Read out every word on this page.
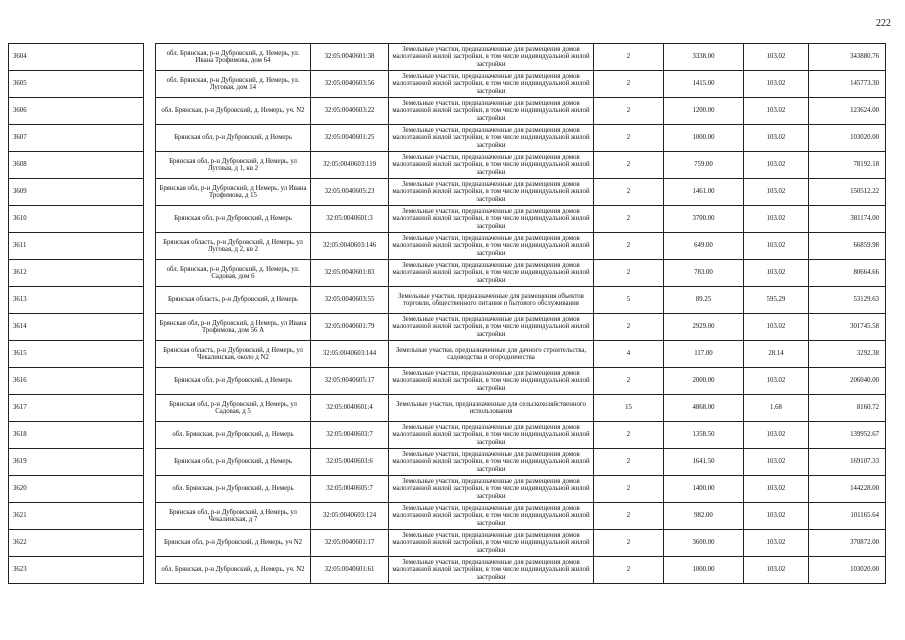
222
3604		обл. Брянская, р-н Дубровский, д. Немерь, ул. Ивана Трофимова, дом 64	32:05:0040601:38	Земельные участки, предназначенные для размещения домов малоэтажной жилой застройки, в том числе индивидуальной жилой застройки	2	3338.00	103.02	343880.76
3605		обл. Брянская, р-н Дубровский, д. Немерь, ул. Луговая, дом 14	32:05:0040603:56	Земельные участки, предназначенные для размещения домов малоэтажной жилой застройки, в том числе индивидуальной жилой застройки	2	1415.00	103.02	145773.30
3606		обл. Брянская, р-н Дубровский, д. Немерь, уч. N2	32:05:0040603:22	Земельные участки, предназначенные для размещения домов малоэтажной жилой застройки, в том числе индивидуальной жилой застройки	2	1200.00	103.02	123624.00
3607		Брянская обл, р-н Дубровский, д Немерь	32:05:0040601:25	Земельные участки, предназначенные для размещения домов малоэтажной жилой застройки, в том числе индивидуальной жилой застройки	2	1000.00	103.02	103020.00
3608		Брянская обл, р-н Дубровский, д Немерь, ул Луговая, д 1, кв 2	32:05:0040603:119	Земельные участки, предназначенные для размещения домов малоэтажной жилой застройки, в том числе индивидуальной жилой застройки	2	759.00	103.02	78192.18
3609		Брянская обл, р-н Дубровский, д Немерь, ул Ивана Трофимова, д 15	32:05:0040605:23	Земельные участки, предназначенные для размещения домов малоэтажной жилой застройки, в том числе индивидуальной жилой застройки	2	1461.00	103.02	150512.22
3610		Брянская обл, р-н Дубровский, д Немерь	32:05:0040601:3	Земельные участки, предназначенные для размещения домов малоэтажной жилой застройки, в том числе индивидуальной жилой застройки	2	3700.00	103.02	381174.00
3611		Брянская область, р-н Дубровский, д Немерь, ул Луговая, д 2, кв 2	32:05:0040603:146	Земельные участки, предназначенные для размещения домов малоэтажной жилой застройки, в том числе индивидуальной жилой застройки	2	649.00	103.02	66859.98
3612		обл. Брянская, р-н Дубровский, д. Немерь, ул. Садовая, дом 6	32:05:0040601:83	Земельные участки, предназначенные для размещения домов малоэтажной жилой застройки, в том числе индивидуальной жилой застройки	2	783.00	103.02	80664.66
3613		Брянская область, р-н Дубровский, д Немерь	32:05:0040603:55	Земельные участки, предназначенные для размещения объектов торговли, общественного питания и бытового обслуживания	5	89.25	595.29	53129.63
3614		Брянская обл, р-н Дубровский, д Немерь, ул Ивана Трофимова, дом 56 А	32:05:0040601:79	Земельные участки, предназначенные для размещения домов малоэтажной жилой застройки, в том числе индивидуальной жилой застройки	2	2929.00	103.02	301745.58
3615		Брянская область, р-н Дубровский, д Немерь, ул Чекалинская, около д N2	32:05:0040603:144	Земельные участки, предназначенные для дачного строительства, садоводства и огородничества	4	117.00	28.14	3292.38
3616		Брянская обл, р-н Дубровский, д Немерь	32:05:0040605:17	Земельные участки, предназначенные для размещения домов малоэтажной жилой застройки, в том числе индивидуальной жилой застройки	2	2000.00	103.02	206040.00
3617		Брянская обл, р-н Дубровский, д Немерь, ул Садовая, д 5	32:05:0040601:4	Земельные участки, предназначенные для сельскохозяйственного использования	15	4868.00	1.68	8160.72
3618		обл. Брянская, р-н Дубровский, д. Немерь	32:05:0040603:7	Земельные участки, предназначенные для размещения домов малоэтажной жилой застройки, в том числе индивидуальной жилой застройки	2	1358.50	103.02	139952.67
3619		Брянская обл, р-н Дубровский, д Немерь	32:05:0040603:6	Земельные участки, предназначенные для размещения домов малоэтажной жилой застройки, в том числе индивидуальной жилой застройки	2	1641.50	103.02	169107.33
3620		обл. Брянская, р-н Дубровский, д. Немерь	32:05:0040605:7	Земельные участки, предназначенные для размещения домов малоэтажной жилой застройки, в том числе индивидуальной жилой застройки	2	1400.00	103.02	144228.00
3621		Брянская обл, р-н Дубровский, д Немерь, ул Чекалинская, д 7	32:05:0040603:124	Земельные участки, предназначенные для размещения домов малоэтажной жилой застройки, в том числе индивидуальной жилой застройки	2	982.00	103.02	101165.64
3622		Брянская обл, р-н Дубровский, д Немерь, уч N2	32:05:0040601:17	Земельные участки, предназначенные для размещения домов малоэтажной жилой застройки, в том числе индивидуальной жилой застройки	2	3600.00	103.02	370872.00
3623		обл. Брянская, р-н Дубровский, д. Немерь, уч. N2	32:05:0040601:61	Земельные участки, предназначенные для размещения домов малоэтажной жилой застройки, в том числе индивидуальной жилой застройки	2	1000.00	103.02	103020.00
